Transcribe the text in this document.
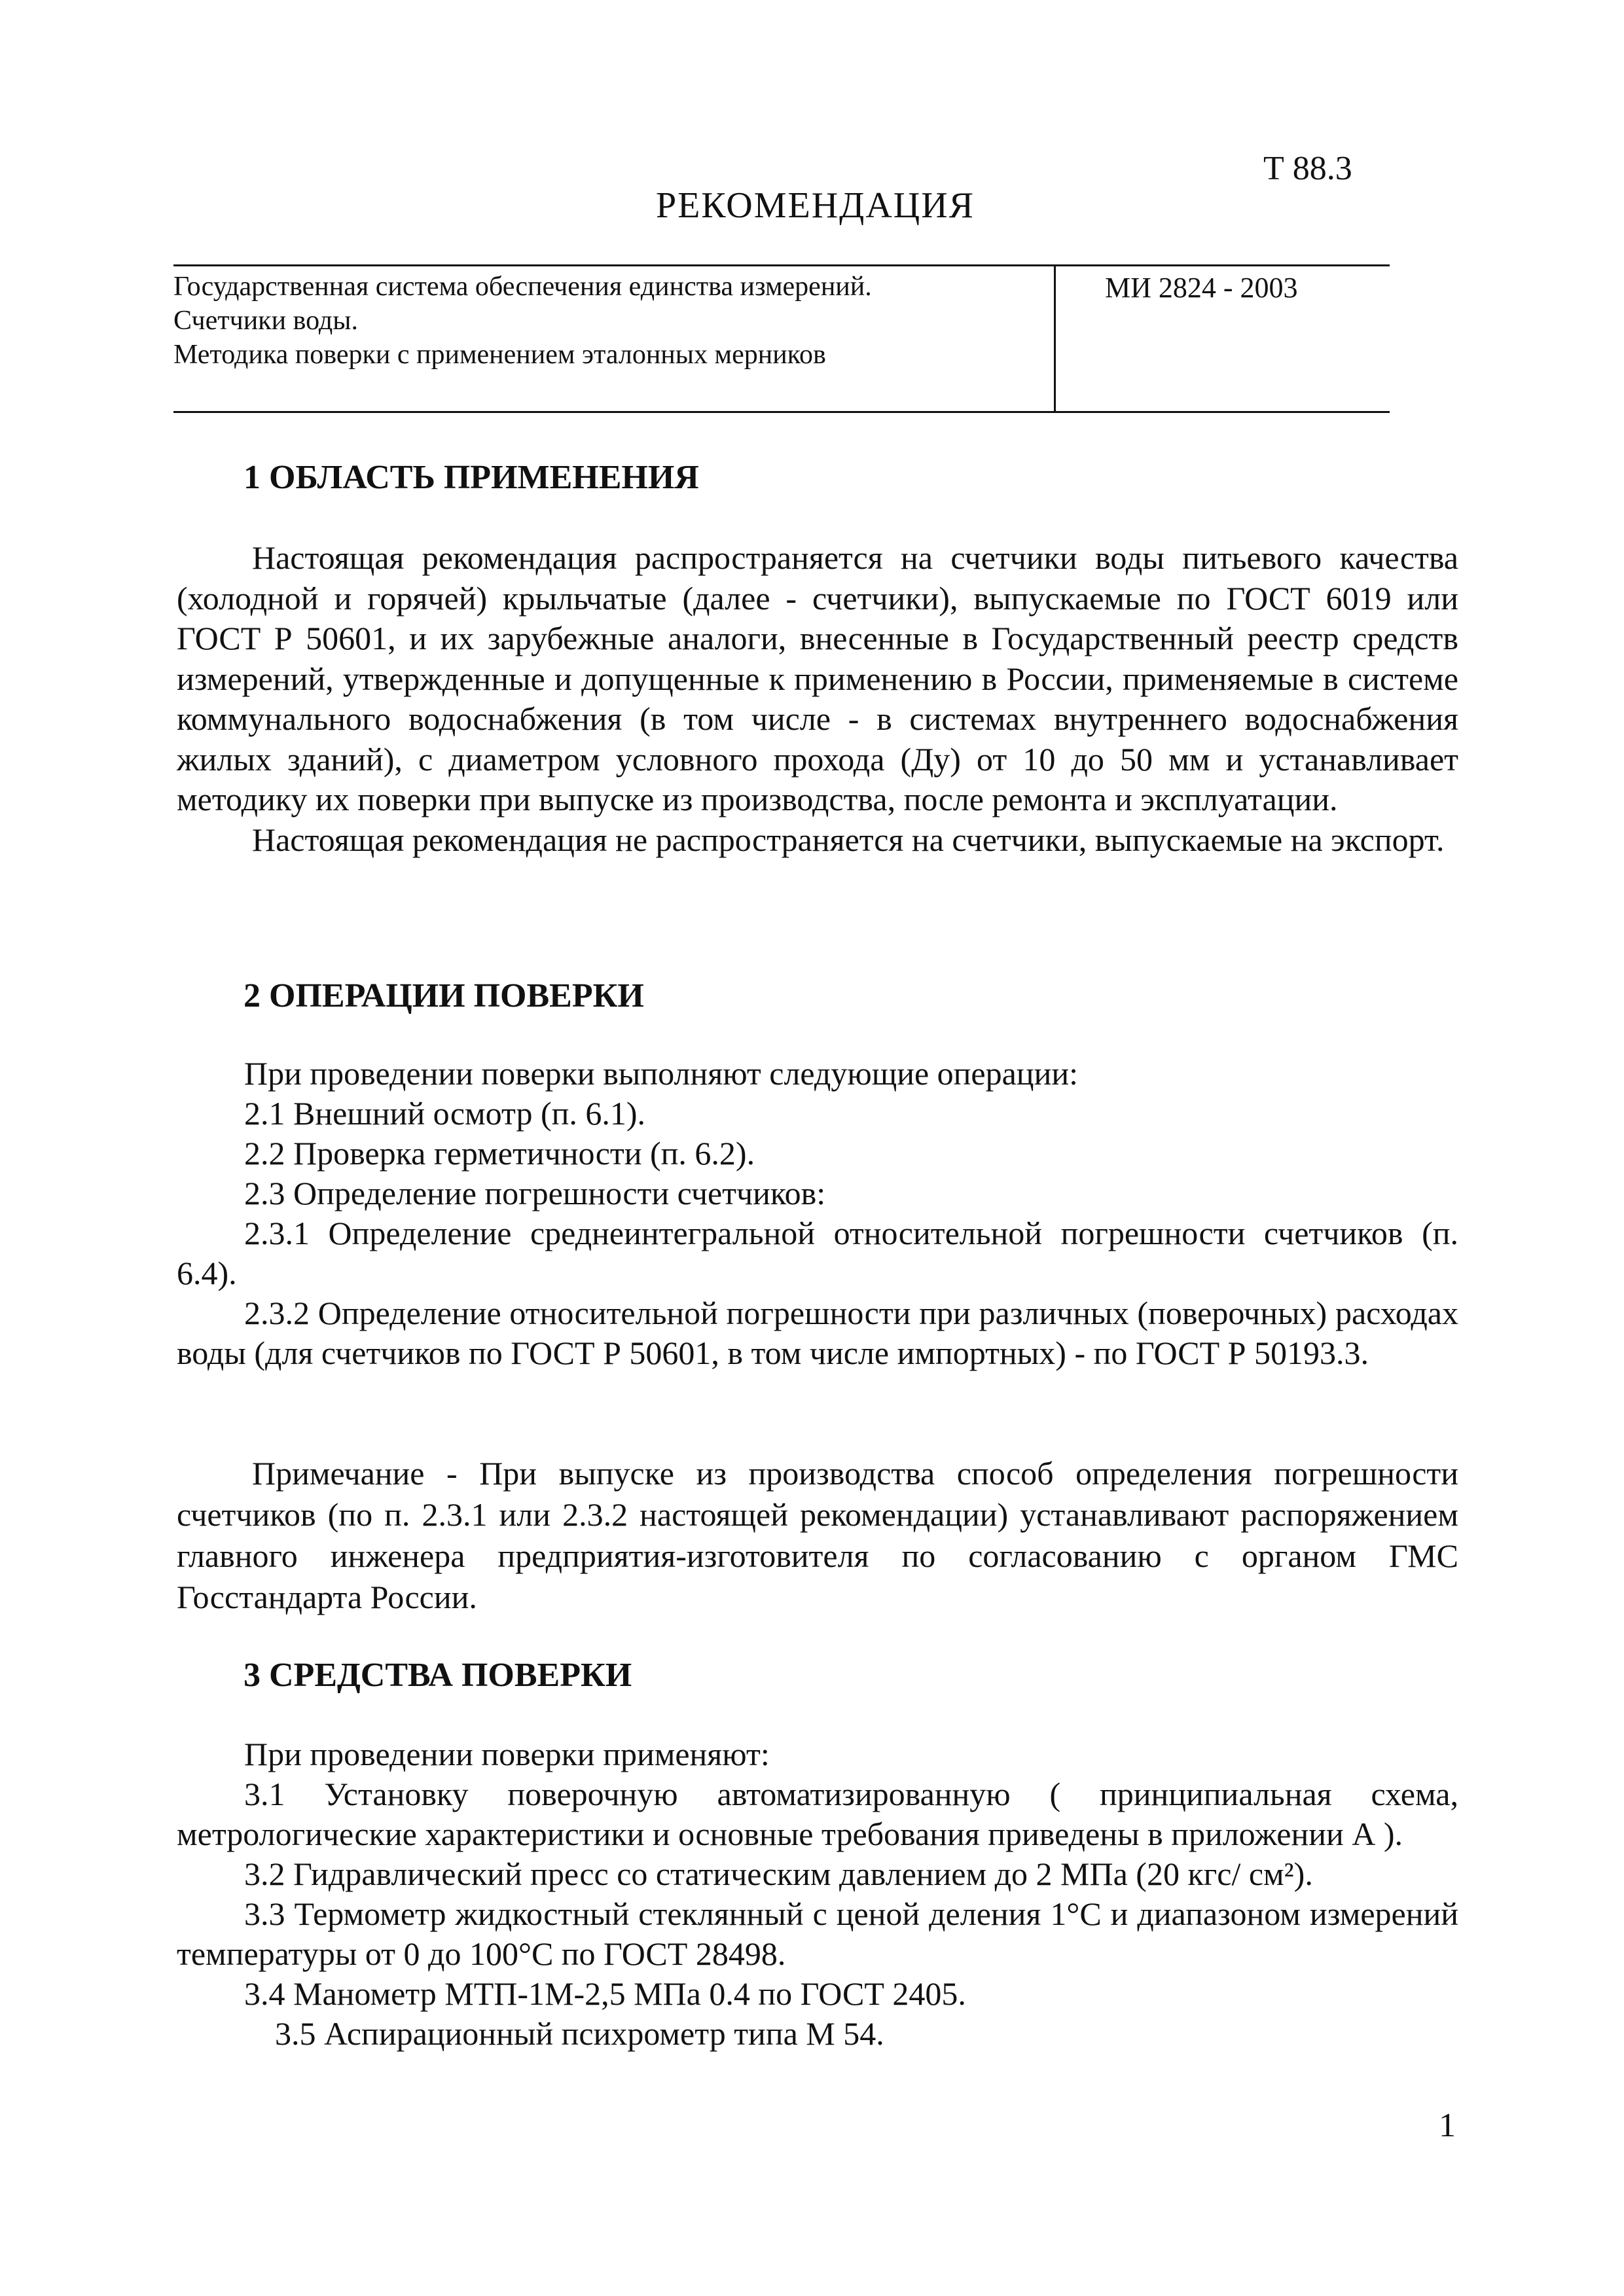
Т 88.3
РЕКОМЕНДАЦИЯ
Государственная система обеспечения единства измерений.
Счетчики воды.
Методика поверки с применением эталонных мерников
МИ 2824 - 2003
1 ОБЛАСТЬ ПРИМЕНЕНИЯ

Настоящая рекомендация распространяется на счетчики воды питьевого качества (холодной и горячей) крыльчатые (далее - счетчики), выпускаемые по ГОСТ 6019 или ГОСТ Р 50601, и их зарубежные аналоги, внесенные в Государственный реестр средств измерений, утвержденные и допущенные к применению в России, применяемые в системе коммунального водоснабжения (в том числе - в системах внутреннего водоснабжения жилых зданий), с диаметром условного прохода (Ду) от 10 до 50 мм и устанавливает методику их поверки при выпуске из производства, после ремонта и эксплуатации.

Настоящая рекомендация не распространяется на счетчики, выпускаемые на экспорт.

2 ОПЕРАЦИИ ПОВЕРКИ

При проведении поверки выполняют следующие операции:

2.1 Внешний осмотр (п. 6.1).

2.2 Проверка герметичности (п. 6.2).

2.3 Определение погрешности счетчиков:

2.3.1 Определение среднеинтегральной относительной погрешности счетчиков (п. 6.4).

2.3.2 Определение относительной погрешности при различных (поверочных) расходах воды (для счетчиков по ГОСТ Р 50601, в том числе импортных) - по ГОСТ Р 50193.3.

Примечание - При выпуске из производства способ определения погрешности счетчиков (по п. 2.3.1 или 2.3.2 настоящей рекомендации) устанавливают распоряжением главного инженера предприятия-изготовителя по согласованию с органом ГМС Госстандарта России.

3 СРЕДСТВА ПОВЕРКИ

При проведении поверки применяют:

3.1 Установку поверочную автоматизированную ( принципиальная схема, метрологические характеристики и основные требования приведены в приложении А ).

3.2 Гидравлический пресс со статическим давлением до 2 МПа (20 кгс/ см²).

3.3 Термометр жидкостный стеклянный с ценой деления 1°С и диапазоном измерений температуры от 0 до 100°С по ГОСТ 28498.

3.4 Манометр МТП-1М-2,5 МПа 0.4 по ГОСТ 2405.

3.5 Аспирационный психрометр типа М 54.

1
